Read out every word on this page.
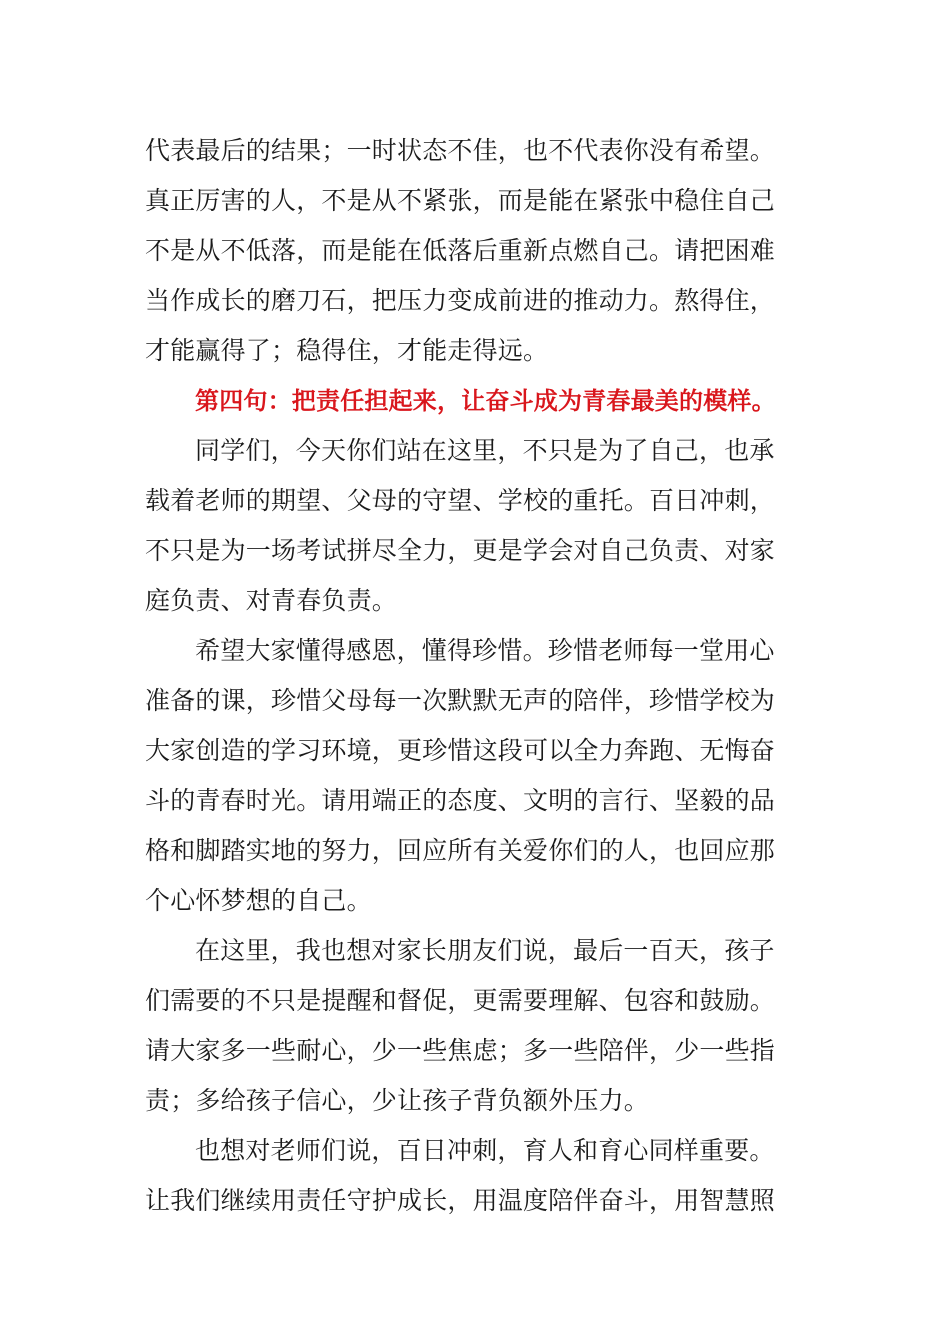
代表最后的结果；一时状态不佳，也不代表你没有希望。
真正厉害的人，不是从不紧张，而是能在紧张中稳住自己
不是从不低落，而是能在低落后重新点燃自己。请把困难
当作成长的磨刀石，把压力变成前进的推动力。熬得住，
才能赢得了；稳得住，才能走得远。
第四句：把责任担起来，让奋斗成为青春最美的模样。
同学们，今天你们站在这里，不只是为了自己，也承
载着老师的期望、父母的守望、学校的重托。百日冲刺，
不只是为一场考试拼尽全力，更是学会对自己负责、对家
庭负责、对青春负责。
希望大家懂得感恩，懂得珍惜。珍惜老师每一堂用心
准备的课，珍惜父母每一次默默无声的陪伴，珍惜学校为
大家创造的学习环境，更珍惜这段可以全力奔跑、无悔奋
斗的青春时光。请用端正的态度、文明的言行、坚毅的品
格和脚踏实地的努力，回应所有关爱你们的人，也回应那
个心怀梦想的自己。
在这里，我也想对家长朋友们说，最后一百天，孩子
们需要的不只是提醒和督促，更需要理解、包容和鼓励。
请大家多一些耐心，少一些焦虑；多一些陪伴，少一些指
责；多给孩子信心，少让孩子背负额外压力。
也想对老师们说，百日冲刺，育人和育心同样重要。
让我们继续用责任守护成长，用温度陪伴奋斗，用智慧照
